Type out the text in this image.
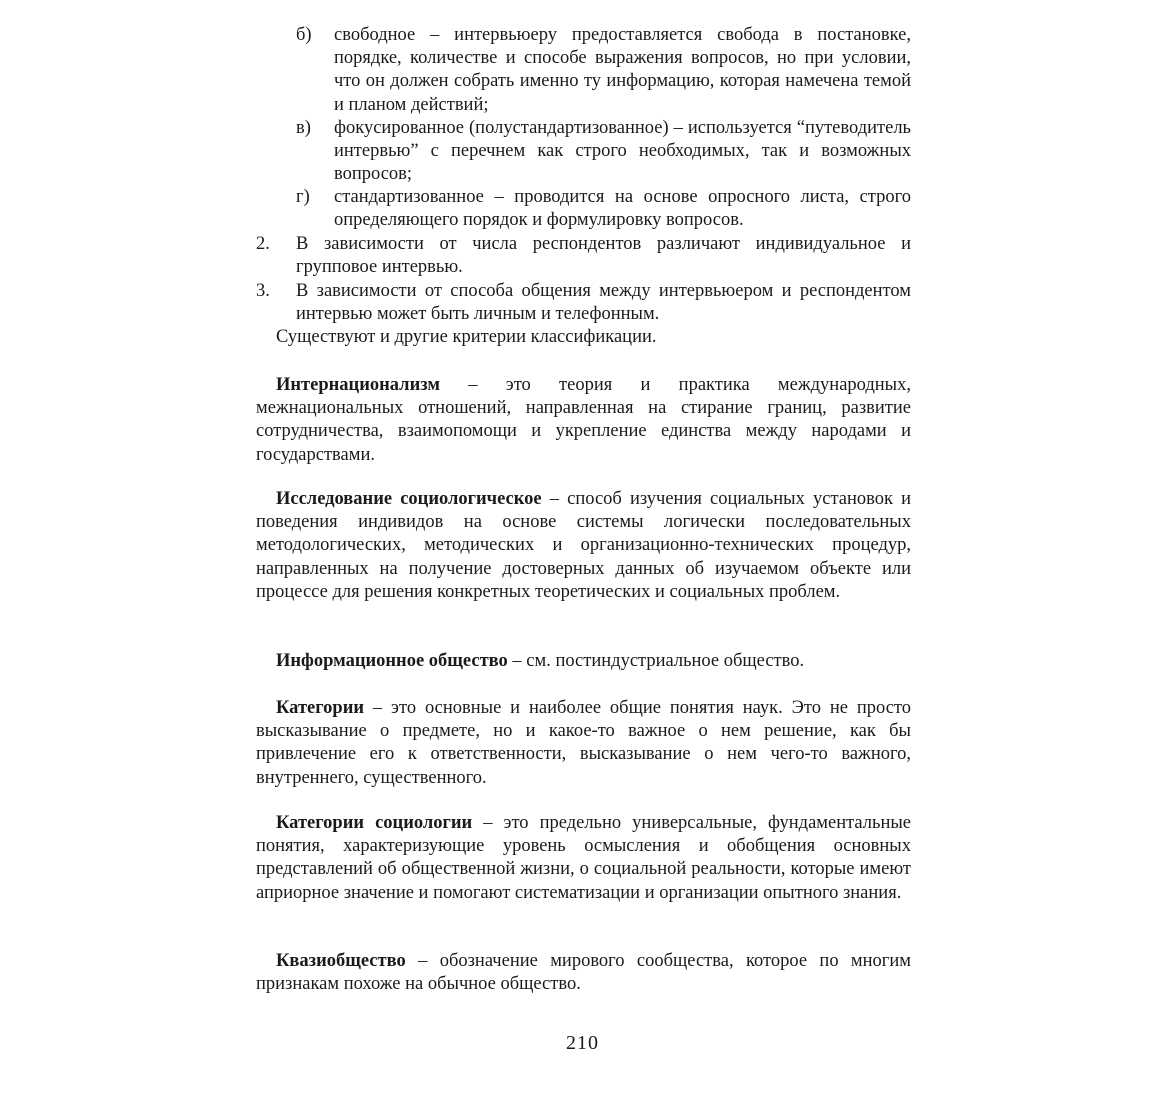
б)	свободное – интервьюеру предоставляется свобода в постановке, порядке, количестве и способе выражения вопросов, но при условии, что он должен собрать именно ту информацию, которая намечена темой и планом действий;
в)	фокусированное (полустандартизованное) – используется “путеводитель интервью” с перечнем как строго необходимых, так и возможных вопросов;
г)	стандартизованное – проводится на основе опросного листа, строго определяющего порядок и формулировку вопросов.
2.	В зависимости от числа респондентов различают индивидуальное и групповое интервью.
3.	В зависимости от способа общения между интервьюером и респондентом интервью может быть личным и телефонным.
Существуют и другие критерии классификации.
Интернационализм – это теория и практика международных, межнациональных отношений, направленная на стирание границ, развитие сотрудничества, взаимопомощи и укрепление единства между народами и государствами.
Исследование социологическое – способ изучения социальных установок и поведения индивидов на основе системы логически последовательных методологических, методических и организационно-технических процедур, направленных на получение достоверных данных об изучаемом объекте или процессе для решения конкретных теоретических и социальных проблем.
Информационное общество – см. постиндустриальное общество.
Категории – это основные и наиболее общие понятия наук. Это не просто высказывание о предмете, но и какое-то важное о нем решение, как бы привлечение его к ответственности, высказывание о нем чего-то важного, внутреннего, существенного.
Категории социологии – это предельно универсальные, фундаментальные понятия, характеризующие уровень осмысления и обобщения основных представлений об общественной жизни, о социальной реальности, которые имеют априорное значение и помогают систематизации и организации опытного знания.
Квазиобщество – обозначение мирового сообщества, которое по многим признакам похоже на обычное общество.
210
